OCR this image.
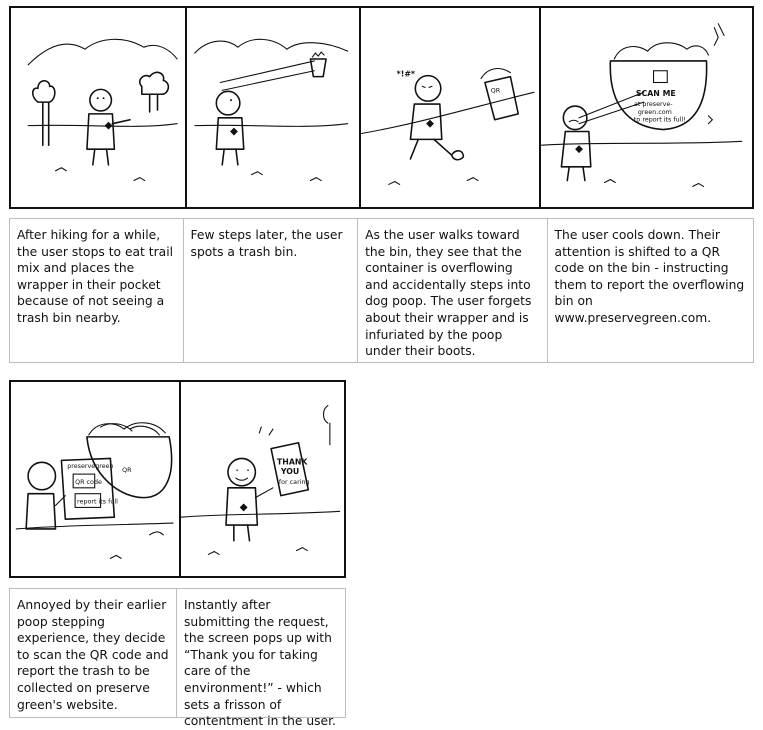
*!#*
QR	SCAN ME
at preserve-
green.com
to report its full!
After hiking for a while, the user stops to eat trail mix and places the wrapper in their pocket because of not seeing a trash bin nearby.
Few steps later, the user spots a trash bin.
As the user walks toward the bin, they see that the container is overflowing and accidentally steps into dog poop. The user forgets about their wrapper and is infuriated by the poop under their boots.
The user cools down. Their attention is shifted to a QR code on the bin - instructing them to report the overflowing bin on www.preservegreen.com.
preservegreen
QR code
report its full
QR
THANK
YOU
for caring
Annoyed by their earlier poop stepping experience, they decide to scan the QR code and report the trash to be collected on preserve green's website.
Instantly after submitting the request, the screen pops up with “Thank you for taking care of the environment!” - which sets a frisson of contentment in the user.
